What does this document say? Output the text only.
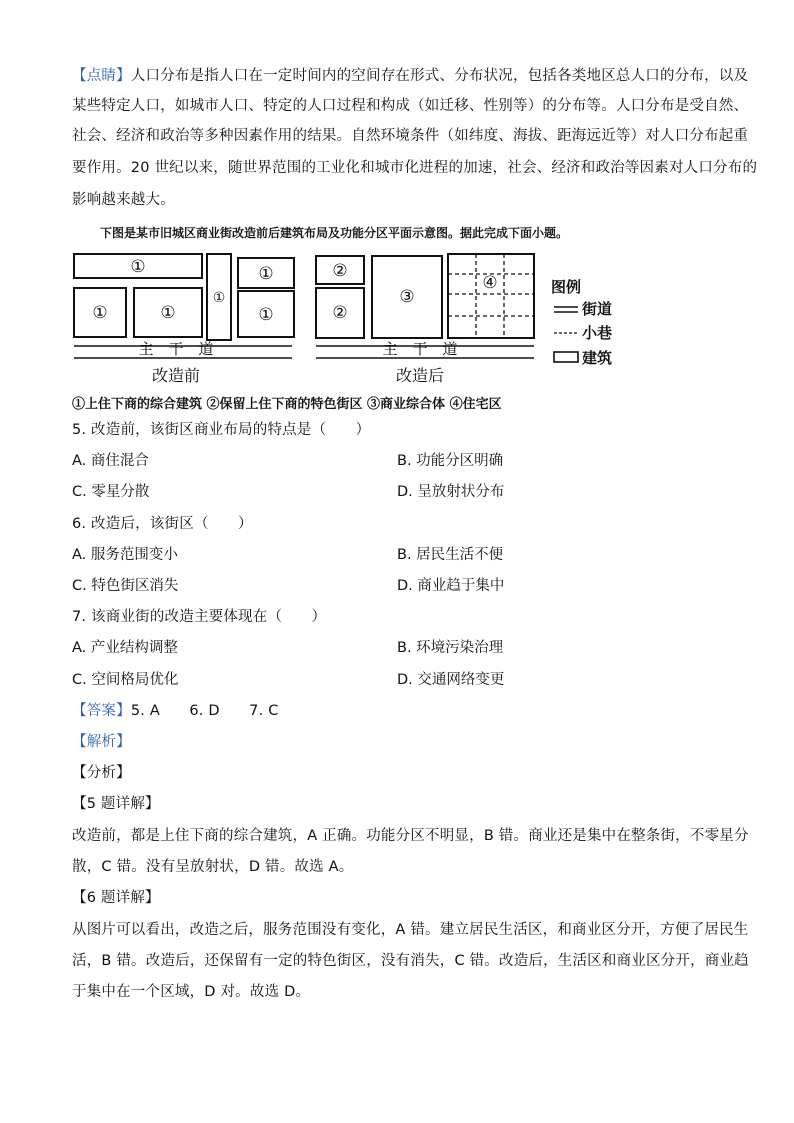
【点睛】人口分布是指人口在一定时间内的空间存在形式、分布状况，包括各类地区总人口的分布，以及
某些特定人口，如城市人口、特定的人口过程和构成（如迁移、性别等）的分布等。人口分布是受自然、
社会、经济和政治等多种因素作用的结果。自然环境条件（如纬度、海拔、距海远近等）对人口分布起重
要作用。20 世纪以来，随世界范围的工业化和城市化进程的加速，社会、经济和政治等因素对人口分布的
影响越来越大。
下图是某市旧城区商业街改造前后建筑布局及功能分区平面示意图。据此完成下面小题。
①
①
①
①
①	①
②
②
③
④
主　干　道	主　干　道
改造前	改造后
图例
街道
小巷
建筑
①上住下商的综合建筑 ②保留上住下商的特色街区 ③商业综合体 ④住宅区
5. 改造前，该街区商业布局的特点是（　　）
A. 商住混合	B. 功能分区明确
C. 零星分散	D. 呈放射状分布
6. 改造后，该街区（　　）
A. 服务范围变小	B. 居民生活不便
C. 特色街区消失	D. 商业趋于集中
7. 该商业街的改造主要体现在（　　）
A. 产业结构调整	B. 环境污染治理
C. 空间格局优化	D. 交通网络变更
【答案】5. A　　6. D　　7. C
【解析】
【分析】
【5 题详解】
改造前，都是上住下商的综合建筑，A 正确。功能分区不明显，B 错。商业还是集中在整条街，不零星分
散，C 错。没有呈放射状，D 错。故选 A。
【6 题详解】
从图片可以看出，改造之后，服务范围没有变化，A 错。建立居民生活区，和商业区分开，方便了居民生
活，B 错。改造后，还保留有一定的特色街区，没有消失，C 错。改造后，生活区和商业区分开，商业趋
于集中在一个区域，D 对。故选 D。
